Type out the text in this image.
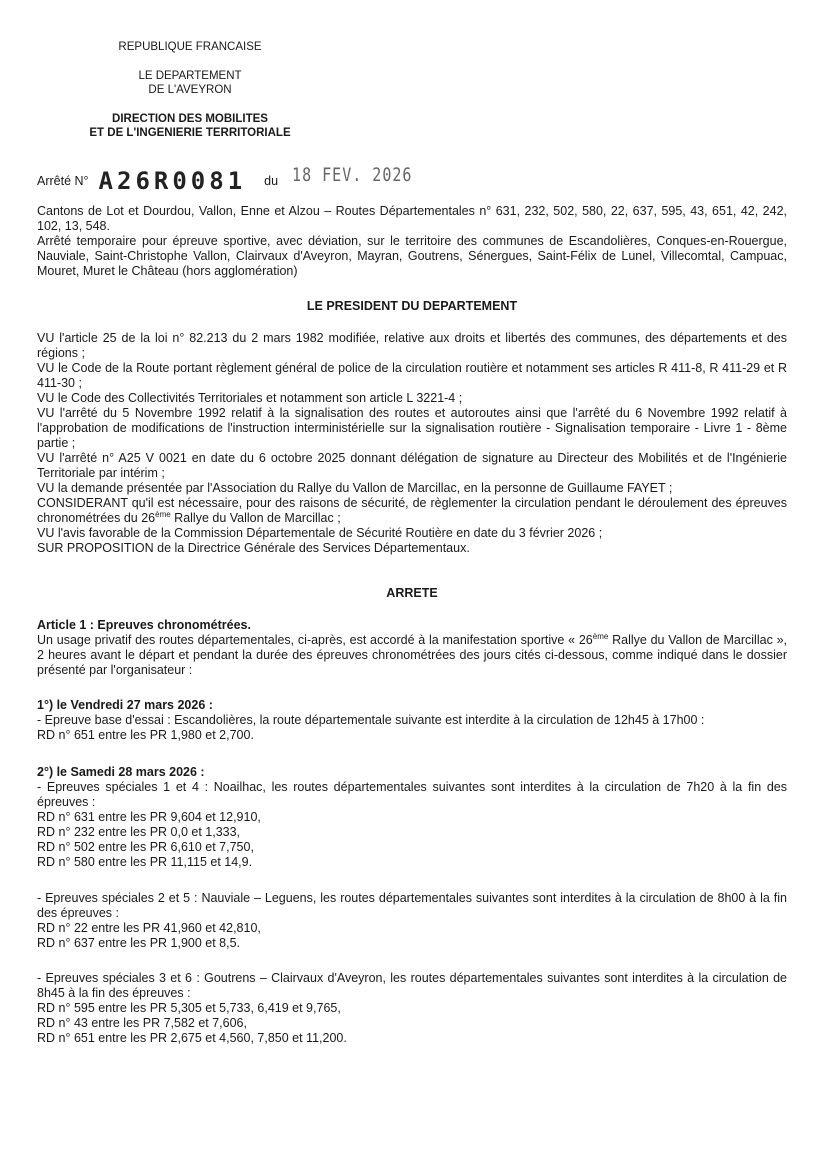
REPUBLIQUE FRANCAISE
LE DEPARTEMENT
DE L'AVEYRON
DIRECTION DES MOBILITES
ET DE L'INGENIERIE TERRITORIALE
Arrêté N° A26R0081 du 18 FEV. 2026

Cantons de Lot et Dourdou, Vallon, Enne et Alzou – Routes Départementales n° 631, 232, 502, 580, 22, 637, 595, 43, 651, 42, 242, 102, 13, 548.

Arrêté temporaire pour épreuve sportive, avec déviation, sur le territoire des communes de Escandolières, Conques-en-Rouergue, Nauviale, Saint-Christophe Vallon, Clairvaux d'Aveyron, Mayran, Goutrens, Sénergues, Saint-Félix de Lunel, Villecomtal, Campuac, Mouret, Muret le Château (hors agglomération)

LE PRESIDENT DU DEPARTEMENT

VU l'article 25 de la loi n° 82.213 du 2 mars 1982 modifiée, relative aux droits et libertés des communes, des départements et des régions ;

VU le Code de la Route portant règlement général de police de la circulation routière et notamment ses articles R 411-8, R 411-29 et R 411-30 ;

VU le Code des Collectivités Territoriales et notamment son article L 3221-4 ;

VU l'arrêté du 5 Novembre 1992 relatif à la signalisation des routes et autoroutes ainsi que l'arrêté du 6 Novembre 1992 relatif à l'approbation de modifications de l'instruction interministérielle sur la signalisation routière - Signalisation temporaire - Livre 1 - 8ème partie ;

VU l'arrêté n° A25 V 0021 en date du 6 octobre 2025 donnant délégation de signature au Directeur des Mobilités et de l'Ingénierie Territoriale par intérim ;

VU la demande présentée par l'Association du Rallye du Vallon de Marcillac, en la personne de Guillaume FAYET ;

CONSIDERANT qu'il est nécessaire, pour des raisons de sécurité, de règlementer la circulation pendant le déroulement des épreuves chronométrées du 26ème Rallye du Vallon de Marcillac ;

VU l'avis favorable de la Commission Départementale de Sécurité Routière en date du 3 février 2026 ;

SUR PROPOSITION de la Directrice Générale des Services Départementaux.

ARRETE

Article 1 : Epreuves chronométrées.

Un usage privatif des routes départementales, ci-après, est accordé à la manifestation sportive « 26ème Rallye du Vallon de Marcillac », 2 heures avant le départ et pendant la durée des épreuves chronométrées des jours cités ci-dessous, comme indiqué dans le dossier présenté par l'organisateur :

1°) le Vendredi 27 mars 2026 :

- Epreuve base d'essai : Escandolières, la route départementale suivante est interdite à la circulation de 12h45 à 17h00 :

RD n° 651 entre les PR 1,980 et 2,700.

2°) le Samedi 28 mars 2026 :

- Epreuves spéciales 1 et 4 : Noailhac, les routes départementales suivantes sont interdites à la circulation de 7h20 à la fin des épreuves :

RD n° 631 entre les PR 9,604 et 12,910,

RD n° 232 entre les PR 0,0 et 1,333,

RD n° 502 entre les PR 6,610 et 7,750,

RD n° 580 entre les PR 11,115 et 14,9.

- Epreuves spéciales 2 et 5 : Nauviale – Leguens, les routes départementales suivantes sont interdites à la circulation de 8h00 à la fin des épreuves :

RD n° 22 entre les PR 41,960 et 42,810,

RD n° 637 entre les PR 1,900 et 8,5.

- Epreuves spéciales 3 et 6 : Goutrens – Clairvaux d'Aveyron, les routes départementales suivantes sont interdites à la circulation de 8h45 à la fin des épreuves :

RD n° 595 entre les PR 5,305 et 5,733, 6,419 et 9,765,

RD n° 43 entre les PR 7,582 et 7,606,

RD n° 651 entre les PR 2,675 et 4,560, 7,850 et 11,200.
